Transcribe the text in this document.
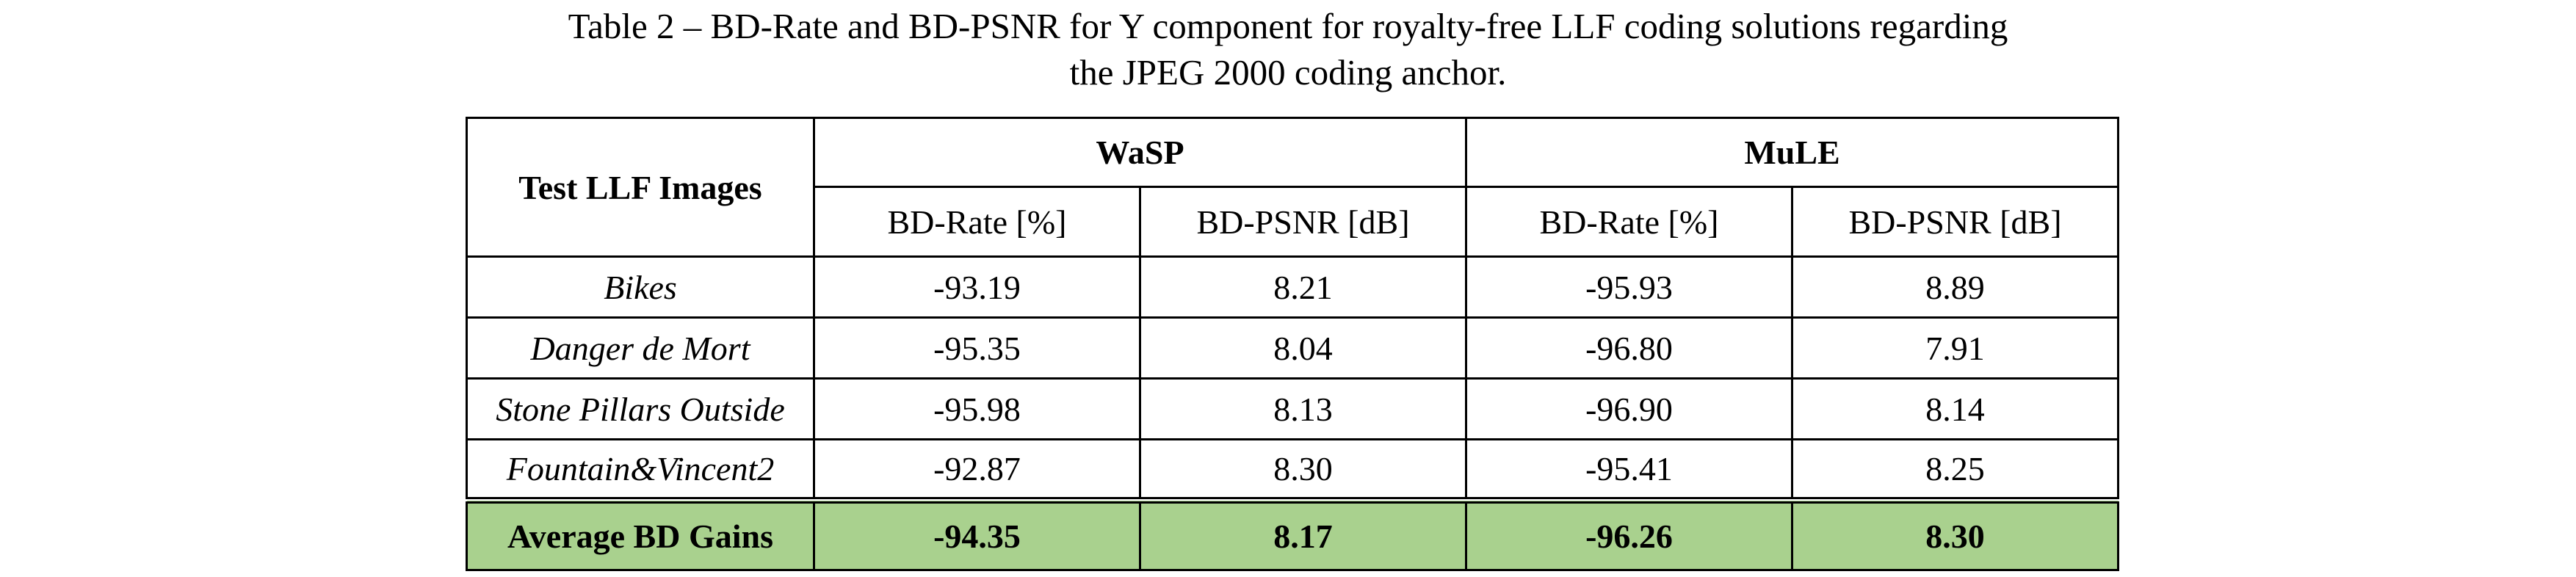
Table 2 – BD-Rate and BD-PSNR for Y component for royalty-free LLF coding solutions regarding
the JPEG 2000 coding anchor.
Test LLF Images	WaSP		MuLE	
	BD-Rate [%]	BD-PSNR [dB]	BD-Rate [%]	BD-PSNR [dB]
Bikes	-93.19	8.21	-95.93	8.89
Danger de Mort	-95.35	8.04	-96.80	7.91
Stone Pillars Outside	-95.98	8.13	-96.90	8.14
Fountain&Vincent2	-92.87	8.30	-95.41	8.25
Average BD Gains	-94.35	8.17	-96.26	8.30
